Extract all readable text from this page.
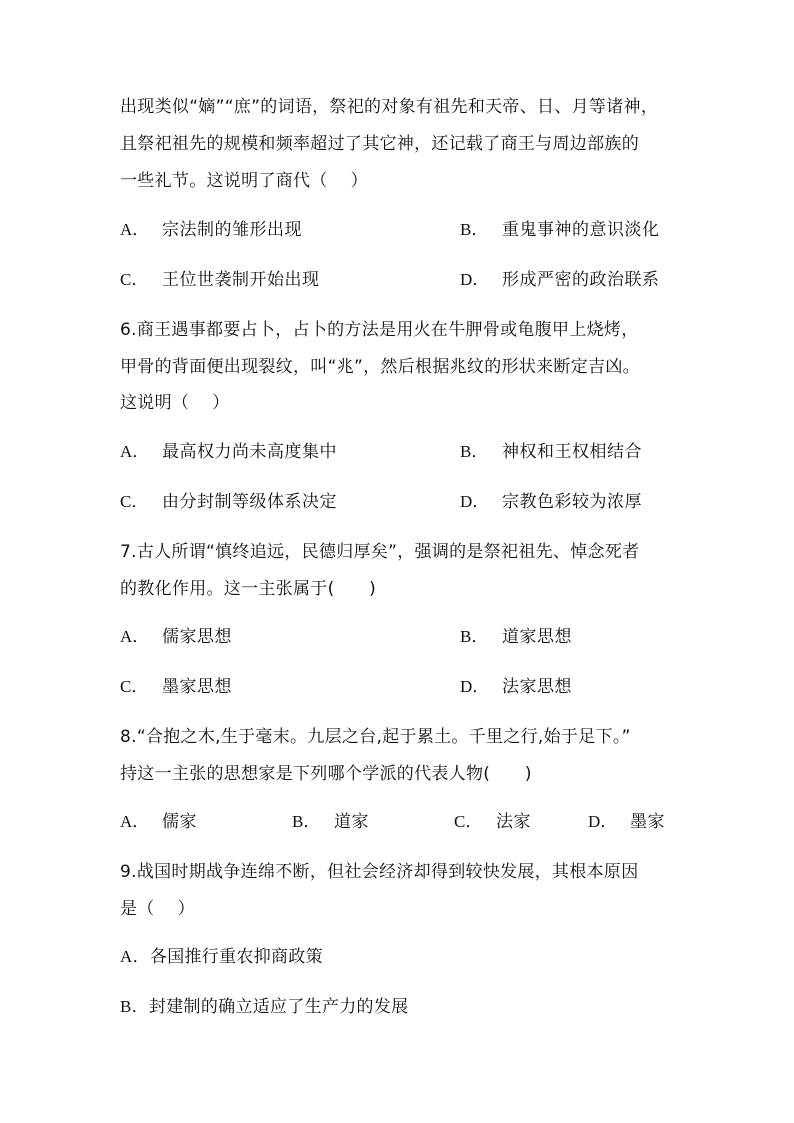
出现类似“嫡”“庶”的词语，祭祀的对象有祖先和天帝、日、月等诸神，
且祭祀祖先的规模和频率超过了其它神，还记载了商王与周边部族的
一些礼节。这说明了商代（　 ）
A． 宗法制的雏形出现	B． 重鬼事神的意识淡化
C． 王位世袭制开始出现	D． 形成严密的政治联系
6.商王遇事都要占卜，占卜的方法是用火在牛胛骨或龟腹甲上烧烤，
甲骨的背面便出现裂纹，叫“兆”，然后根据兆纹的形状来断定吉凶。
这说明（　 ）
A． 最高权力尚未高度集中	B． 神权和王权相结合
C． 由分封制等级体系决定	D． 宗教色彩较为浓厚
7.古人所谓“慎终追远，民德归厚矣”，强调的是祭祀祖先、悼念死者
的教化作用。这一主张属于(　　)
A． 儒家思想	B． 道家思想
C． 墨家思想	D． 法家思想
8.“合抱之木,生于毫末。九层之台,起于累土。千里之行,始于足下。”
持这一主张的思想家是下列哪个学派的代表人物(　　)
A． 儒家	B． 道家	C． 法家	D． 墨家
9.战国时期战争连绵不断，但社会经济却得到较快发展，其根本原因
是（　 ）
A．各国推行重农抑商政策
B．封建制的确立适应了生产力的发展
